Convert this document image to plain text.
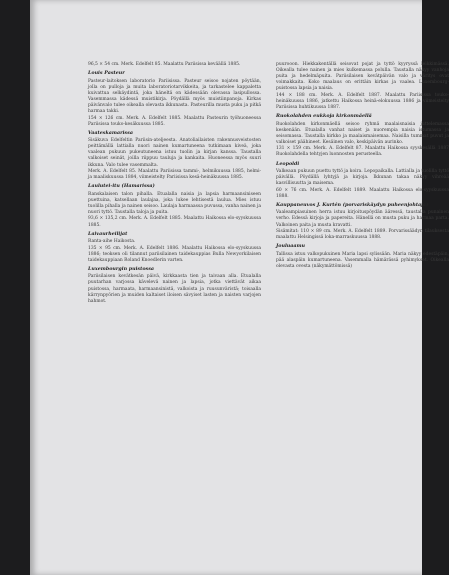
96,5 × 54 cm. Merk. Edelfelt 85. Maalattu Pariisissa keväällä 1885.

Louis Pasteur

Pasteur-laitoksen laboratorio Pariisissa. Pasteur seisoo nojaten pöytään, jolla on pulloja ja muita laboratoriotarvikkeita, ja tarkastelee kappaletta kuivattua selkäydintä, joka häneltä on kädessään olevassa lasipullossa. Vasemmassa kädessä muistikirja. Pöydällä myös muistiinpanoja. Kirkas päivänvalo tulee oikealla olevasta ikkunasta. Pasteurilla musta puku ja pitkä harmaa takki.

154 × 126 cm. Merk. A. Edelfelt 1885. Maalattu Pasteurin työhuoneessa Pariisissa touko-kesäkuussa 1885.

Vaateskamarissa

Sisäkuva Edelfeltin Pariisin-ateljeesta. Anatoliailaisten rakennusveistosten peittämällä lattialla nuori nainen kumartuneena tutkimaan kiveä, joka vaalean pukuun pukeutuneena istuu tuolin ja kirjan kanssa. Taustalla valkoiset seinät, joilla riippuu tauluja ja kankaita. Huoneessa myös suuri ikkuna. Valo tulee vasemmalta.

Merk. A. Edelfelt 85. Maalattu Pariisissa tammi-, helmikuussa 1885, helmi- ja maaliskuussa 1884, viimeistelty Pariisissa kesä-heinäkuussa 1885.

Laulutei-itu (Hamarissa)

Ranskalaisen talon pihalla. Etualalla naisia ja lapsia harmaansiniseen puettuina, katsellaan laulajaa, joka lukee lehtisestä laulua. Mies istuu tuolilla pihalla ja nainen seisoo. Laulaja harmaassa puvussa, vanha nainen ja nuori tyttö. Taustalla taloja ja puita.

93,6 × 135,2 cm. Merk. A. Edelfelt 1885. Maalattu Haikossa elo-syyskuussa 1885.

Laivaurheilijat

Ranta-aihe Haikosta.

135 × 95 cm. Merk. A. Edelfelt 1886. Maalattu Haikossa elo-syyskuussa 1886; teoksen oli tilannut pariisilainen taidekauppias Bulla Newyorkilaisen taidekauppiaan Roland Knoedlerin varten.

Luxembourgin puistossa

Pariisilaisen kevätkesän päivä, kirkkaasta tien ja taivaan alla. Etualalla puutarhan varjossa kävelevä nainen ja lapsia, jotka viettävät aikaa puistossa, harmaata, harmaansinistä, valkoista ja ruusunväristä; toisaalla kärrynpyörien ja muiden kaltaiset iloisen sävyiset lasten ja naisten varjojen hahmot.

puurooon. Hiekkakentällä seisovat pojat ja tyttö kyyryssä leikkimässä. Oikealla tulee nainen ja mies kulkemassa polulla. Taustalla näkyy vanhoja puita ja hedelmäpuita. Pariisilaisen kevätpäivän valo ja väritys ovat voimakkaita. Koko maalaus on erittäin kirkas ja vaalea. Luxembourg-puistossa lapsia ja naisia.

144 × 188 cm. Merk. A. Edelfelt 1887. Maalattu Pariisissa touko-heinäkuussa 1886, jatkettu Haikossa heinä-elokuussa 1886 ja viimeistelty Pariisissa huhtikuussa 1887.

Ruokolahden eukkoja kirkonmäellä

Ruokolahden kirkonmäellä seisoo ryhmä maalaisnaisia juttelemassa keskenään. Etualalla vanhat naiset ja nuorempia naisia istumassa ja seisomassa. Taustalla kirkko ja maalaismaisemaa. Naisilla tummat puvut ja valkoiset päähineet. Kesäinen valo, keskipäivän aurinko.

131 × 159 cm. Merk. A. Edelfelt 87. Maalattu Haikossa syyskesällä 1887 Ruokolahdella tehtyjen luonnosten perusteella.

Leopoldi

Valkeaan pukuun puettu tyttö ja koira. Lepopaikalla. Lattialla ja tuolilla tyttö päivällä. Pöydällä lyhtyjä ja kirjoja. Ikkunan takaa näkyy vihreää kasvillisuutta ja maisema.

60 × 76 cm. Merk. A. Edelfelt 1889. Maalattu Haikossa elo-syyskuussa 1888.

Kauppaneuvos J. Kurtén (porvariskäydyn puheenjohtaja)

Vaaleampiasuinen herra istuu kirjoituspöydän ääressä, taustalla punainen verho. Edessä kirjoja ja papereita. Hänellä on musta puku ja harmaa parta. Valkoinen paita ja musta kravatti.

Sisämitat: 110 × 89 cm. Merk. A. Edelfelt 1889. Porvarissäädyn tilauksesta maalattu Helsingissä loka-marraskuussa 1888.

Jouluaamu

Tallissa istuu valkopukuinen Maria lapsi sylissään. Maria näkyy edestäpäin, pää alaspäin kumartuneena. Vasemmalla hämärässä pyhimykset. Oikealla olevasta ovesta (näkymättömissä)
